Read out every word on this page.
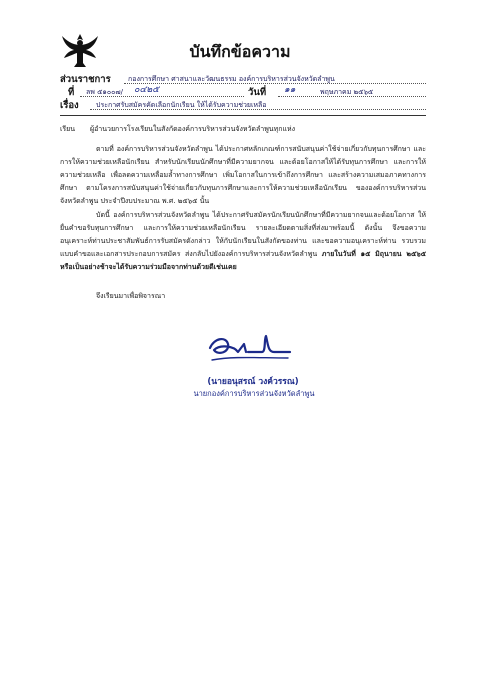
บันทึกข้อความ
ส่วนราชการ กองการศึกษา ศาสนาและวัฒนธรรม องค์การบริหารส่วนจังหวัดลำพูน
ที่ ลพ ๕๑๐๐๗/ ๐๔๒๕	วันที่ ๑๑	พฤษภาคม ๒๕๖๕
เรื่อง ประกาศรับสมัครคัดเลือกนักเรียน ให้ได้รับความช่วยเหลือ
เรียน ผู้อำนวยการโรงเรียนในสังกัดองค์การบริหารส่วนจังหวัดลำพูนทุกแห่ง
ตามที่ องค์การบริหารส่วนจังหวัดลำพูน ได้ประกาศหลักเกณฑ์การสนับสนุนค่าใช้จ่ายเกี่ยวกับทุนการศึกษา และการให้ความช่วยเหลือนักเรียน สำหรับนักเรียนนักศึกษาที่มีความยากจน และด้อยโอกาสให้ได้รับทุนการศึกษา และการให้ความช่วยเหลือ เพื่อลดความเหลื่อมล้ำทางการศึกษา เพิ่มโอกาสในการเข้าถึงการศึกษา และสร้างความเสมอภาคทางการศึกษา ตามโครงการสนับสนุนค่าใช้จ่ายเกี่ยวกับทุนการศึกษาและการให้ความช่วยเหลือนักเรียน ขององค์การบริหารส่วนจังหวัดลำพูน ประจำปีงบประมาณ พ.ศ. ๒๕๖๕ นั้น
บัดนี้ องค์การบริหารส่วนจังหวัดลำพูน ได้ประกาศรับสมัครนักเรียนนักศึกษาที่มีความยากจนและด้อยโอกาส ให้ยื่นคำขอรับทุนการศึกษา และการให้ความช่วยเหลือนักเรียน รายละเอียดตามสิ่งที่ส่งมาพร้อมนี้ ดังนั้น จึงขอความอนุเคราะห์ท่านประชาสัมพันธ์การรับสมัครดังกล่าว ให้กับนักเรียนในสังกัดของท่าน และขอความอนุเคราะห์ท่าน รวบรวมแบบคำขอและเอกสารประกอบการสมัคร ส่งกลับไปยังองค์การบริหารส่วนจังหวัดลำพูน ภายในวันที่ ๑๕ มิถุนายน ๒๕๖๕ หรือเป็นอย่างช้าจะได้รับความร่วมมือจากท่านด้วยดีเช่นเคย
จึงเรียนมาเพื่อพิจารณา
(นายอนุสรณ์ วงค์วรรณ)
นายกองค์การบริหารส่วนจังหวัดลำพูน
